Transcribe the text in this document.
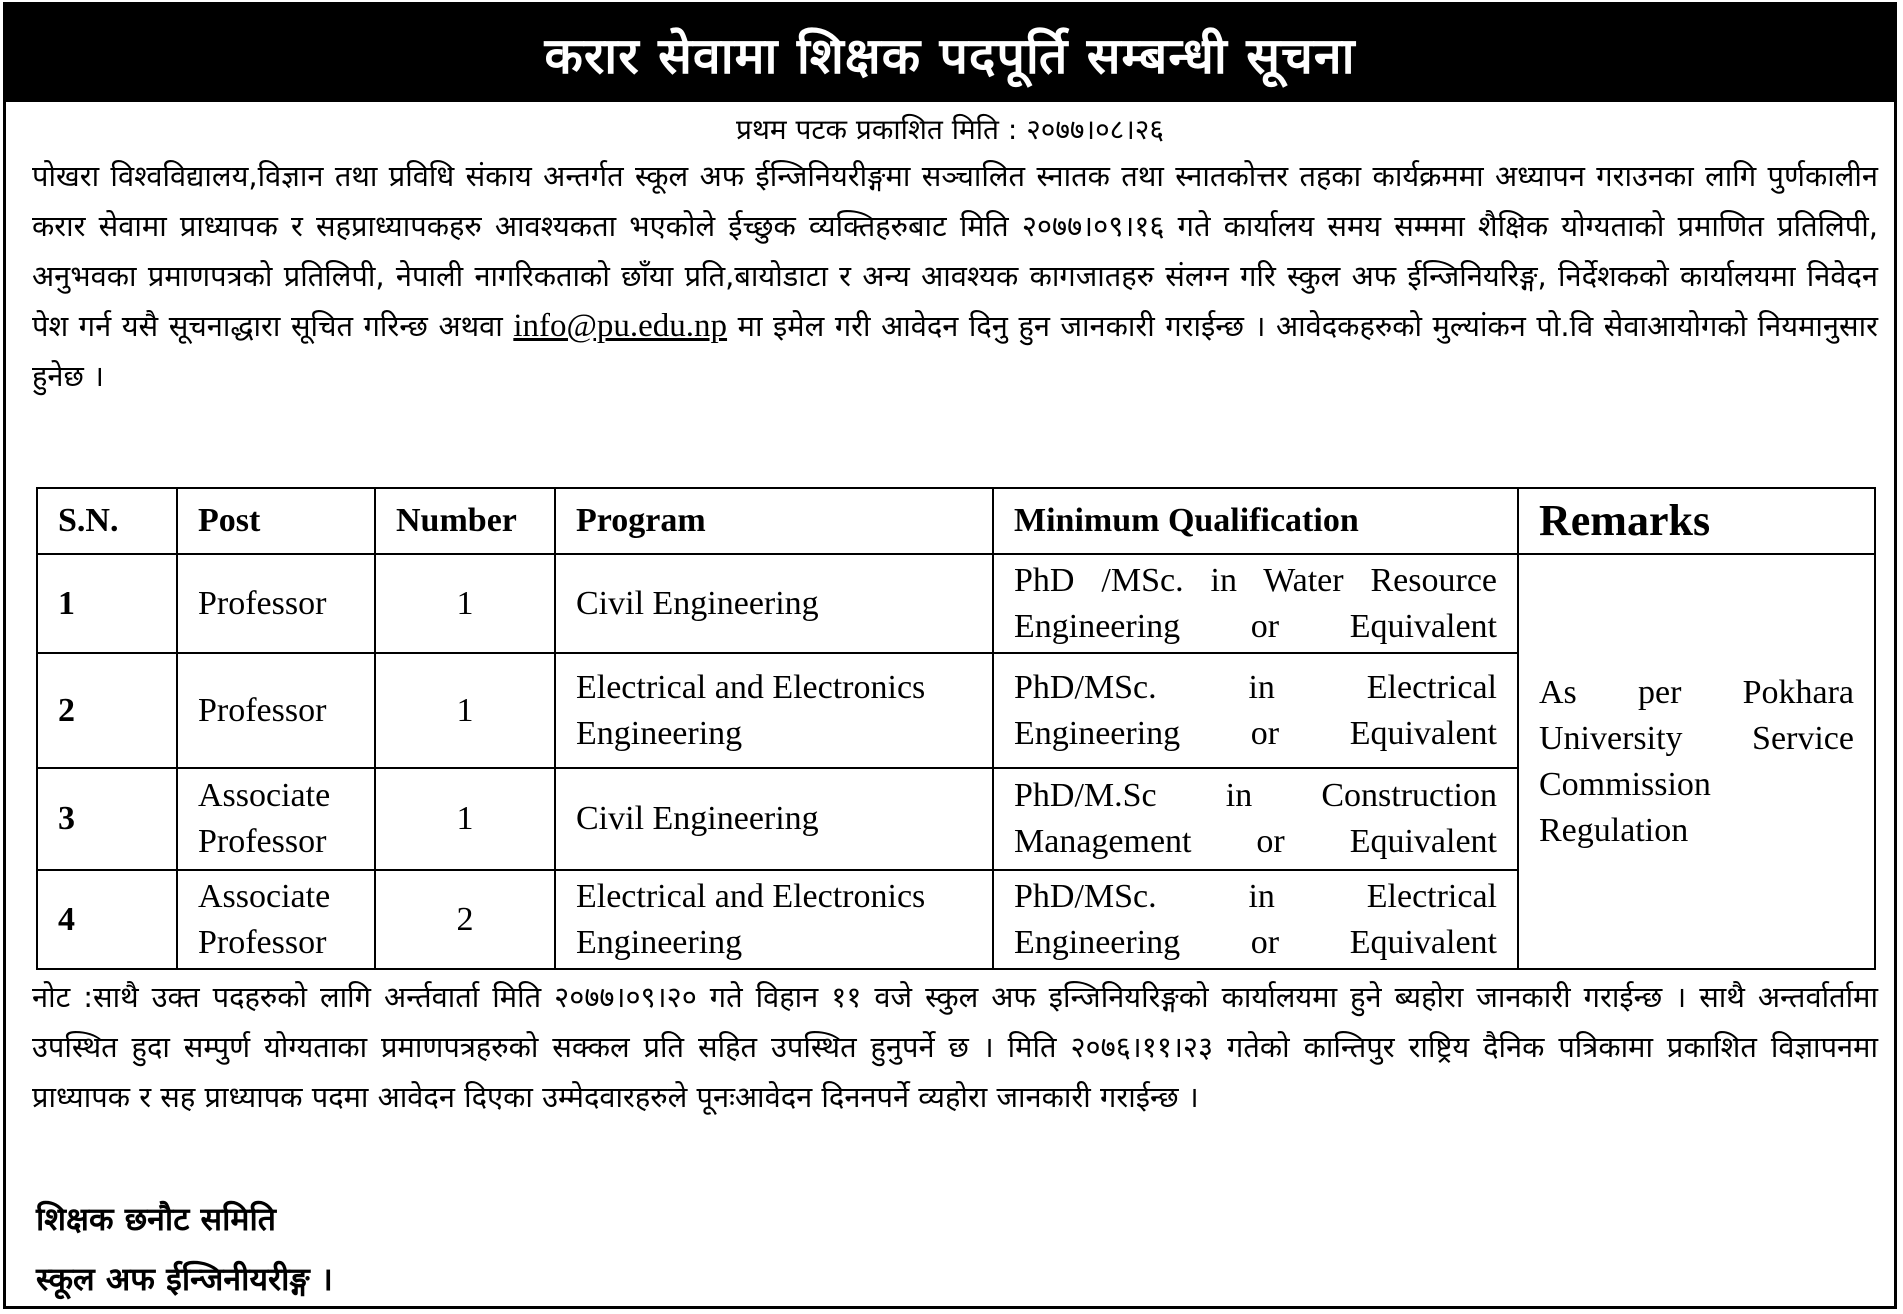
करार सेवामा शिक्षक पदपूर्ति सम्बन्धी सूचना
प्रथम पटक प्रकाशित मिति : २०७७।०८।२६
पोखरा विश्वविद्यालय,विज्ञान तथा प्रविधि संकाय अन्तर्गत स्कूल अफ ईन्जिनियरीङ्गमा सञ्चालित स्नातक तथा स्नातकोत्तर तहका कार्यक्रममा अध्यापन गराउनका लागि पुर्णकालीन करार सेवामा प्राध्यापक र सहप्राध्यापकहरु आवश्यकता भएकोले ईच्छुक व्यक्तिहरुबाट मिति २०७७।०९।१६ गते कार्यालय समय सम्ममा शैक्षिक योग्यताको प्रमाणित प्रतिलिपी, अनुभवका प्रमाणपत्रको प्रतिलिपी, नेपाली नागरिकताको छाँया प्रति,बायोडाटा र अन्य आवश्यक कागजातहरु संलग्न गरि स्कुल अफ ईन्जिनियरिङ्ग, निर्देशकको कार्यालयमा निवेदन पेश गर्न यसै सूचनाद्धारा सूचित गरिन्छ अथवा info@pu.edu.np मा इमेल गरी आवेदन दिनु हुन जानकारी गराईन्छ । आवेदकहरुको मुल्यांकन पो.वि सेवाआयोगको नियमानुसार हुनेछ ।
S.N.	Post	Number	Program	Minimum Qualification	Remarks
1	Professor	1	Civil Engineering	PhD /MSc. in Water Resource Engineering or Equivalent	As per Pokhara University Service Commission Regulation
2	Professor	1	Electrical and Electronics Engineering	PhD/MSc. in Electrical Engineering or Equivalent	
3	Associate Professor	1	Civil Engineering	PhD/M.Sc in Construction Management or Equivalent	
4	Associate Professor	2	Electrical and Electronics Engineering	PhD/MSc. in Electrical Engineering or Equivalent	
नोट :साथै उक्त पदहरुको लागि अर्न्तवार्ता मिति २०७७।०९।२० गते विहान ११ वजे स्कुल अफ इन्जिनियरिङ्गको कार्यालयमा हुने ब्यहोरा जानकारी गराईन्छ । साथै अन्तर्वार्तामा उपस्थित हुदा सम्पुर्ण योग्यताका प्रमाणपत्रहरुको सक्कल प्रति सहित उपस्थित हुनुपर्ने छ । मिति २०७६।११।२३ गतेको कान्तिपुर राष्ट्रिय दैनिक पत्रिकामा प्रकाशित विज्ञापनमा प्राध्यापक र सह प्राध्यापक पदमा आवेदन दिएका उम्मेदवारहरुले पूनःआवेदन दिननपर्ने व्यहोरा जानकारी गराईन्छ ।
शिक्षक छनौट समिति
स्कूल अफ ईन्जिनीयरीङ्ग ।
